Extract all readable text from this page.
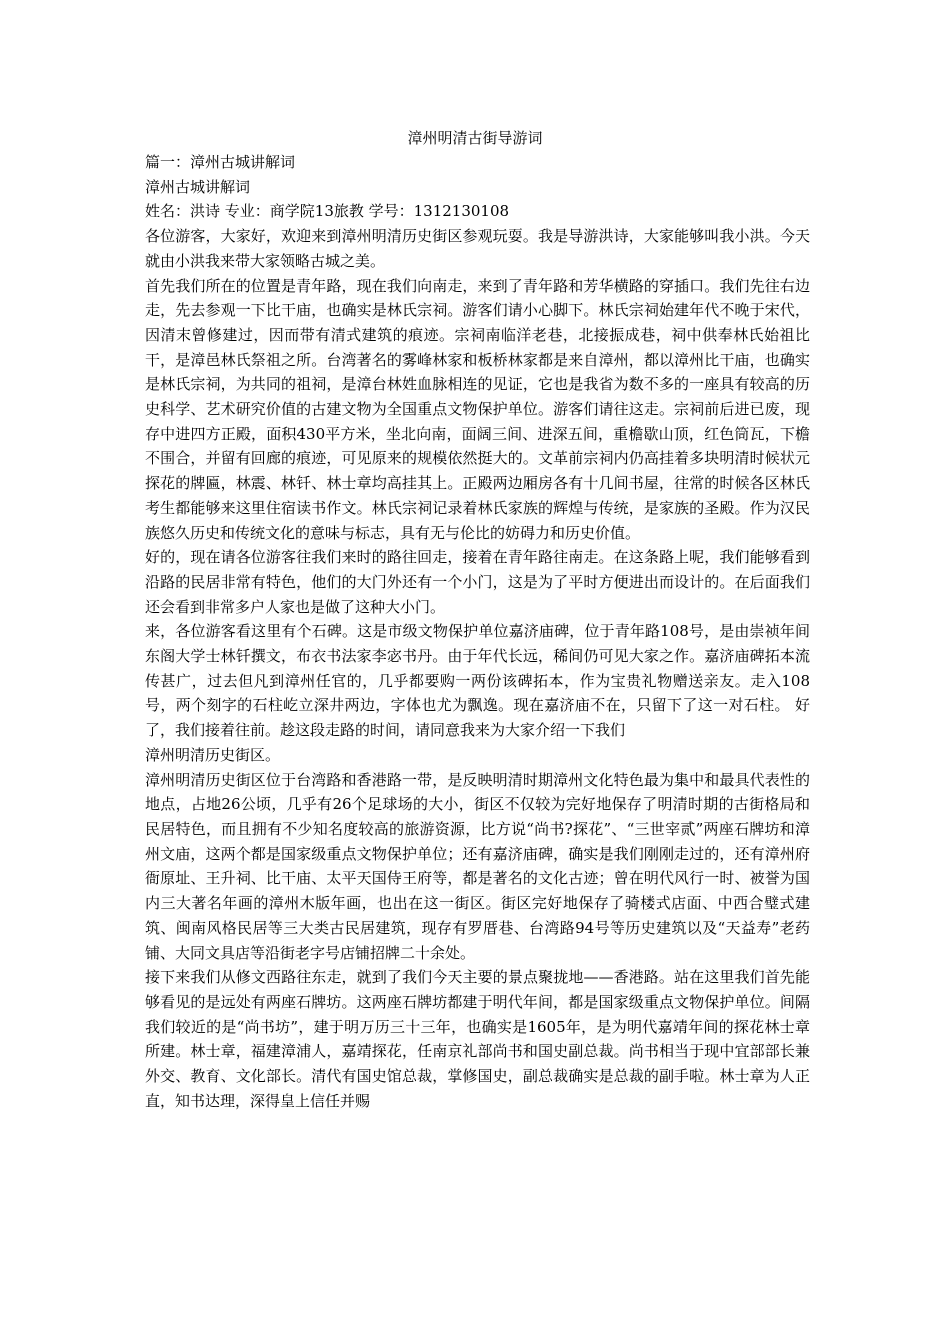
漳州明清古街导游词

篇一：漳州古城讲解词

漳州古城讲解词

姓名：洪诗 专业：商学院13旅教 学号：1312130108

各位游客，大家好，欢迎来到漳州明清历史街区参观玩耍。我是导游洪诗，大家能够叫我小洪。今天就由小洪我来带大家领略古城之美。

首先我们所在的位置是青年路，现在我们向南走，来到了青年路和芳华横路的穿插口。我们先往右边走，先去参观一下比干庙，也确实是林氏宗祠。游客们请小心脚下。林氏宗祠始建年代不晚于宋代，因清末曾修建过，因而带有清式建筑的痕迹。宗祠南临洋老巷，北接振成巷，祠中供奉林氏始祖比干，是漳邑林氏祭祖之所。台湾著名的雾峰林家和板桥林家都是来自漳州，都以漳州比干庙，也确实是林氏宗祠，为共同的祖祠，是漳台林姓血脉相连的见证，它也是我省为数不多的一座具有较高的历史科学、艺术研究价值的古建文物为全国重点文物保护单位。游客们请往这走。宗祠前后进已废，现存中进四方正殿，面积430平方米，坐北向南，面阔三间、进深五间，重檐歇山顶，红色筒瓦，下檐不围合，并留有回廊的痕迹，可见原来的规模依然挺大的。文革前宗祠内仍高挂着多块明清时候状元探花的牌匾，林震、林钎、林士章均高挂其上。正殿两边厢房各有十几间书屋，往常的时候各区林氏考生都能够来这里住宿读书作文。林氏宗祠记录着林氏家族的辉煌与传统，是家族的圣殿。作为汉民族悠久历史和传统文化的意味与标志，具有无与伦比的妨碍力和历史价值。

好的，现在请各位游客往我们来时的路往回走，接着在青年路往南走。在这条路上呢，我们能够看到沿路的民居非常有特色，他们的大门外还有一个小门，这是为了平时方便进出而设计的。在后面我们还会看到非常多户人家也是做了这种大小门。

来，各位游客看这里有个石碑。这是市级文物保护单位嘉济庙碑，位于青年路108号，是由崇祯年间东阁大学士林钎撰文，布衣书法家李宓书丹。由于年代长远，稀间仍可见大家之作。嘉济庙碑拓本流传甚广，过去但凡到漳州任官的，几乎都要购一两份该碑拓本，作为宝贵礼物赠送亲友。走入108号，两个刻字的石柱屹立深井两边，字体也尤为飘逸。现在嘉济庙不在，只留下了这一对石柱。 好了，我们接着往前。趁这段走路的时间，请同意我来为大家介绍一下我们

漳州明清历史街区。

漳州明清历史街区位于台湾路和香港路一带，是反映明清时期漳州文化特色最为集中和最具代表性的地点，占地26公顷，几乎有26个足球场的大小，街区不仅较为完好地保存了明清时期的古街格局和民居特色，而且拥有不少知名度较高的旅游资源，比方说“尚书?探花”、“三世宰贰”两座石牌坊和漳州文庙，这两个都是国家级重点文物保护单位；还有嘉济庙碑，确实是我们刚刚走过的，还有漳州府衙原址、王升祠、比干庙、太平天国侍王府等，都是著名的文化古迹；曾在明代风行一时、被誉为国内三大著名年画的漳州木版年画，也出在这一街区。街区完好地保存了骑楼式店面、中西合璧式建筑、闽南风格民居等三大类古民居建筑，现存有罗厝巷、台湾路94号等历史建筑以及“天益寿”老药铺、大同文具店等沿街老字号店铺招牌二十余处。

接下来我们从修文西路往东走，就到了我们今天主要的景点聚拢地——香港路。站在这里我们首先能够看见的是远处有两座石牌坊。这两座石牌坊都建于明代年间，都是国家级重点文物保护单位。间隔我们较近的是“尚书坊”，建于明万历三十三年，也确实是1605年，是为明代嘉靖年间的探花林士章所建。林士章，福建漳浦人，嘉靖探花，任南京礼部尚书和国史副总裁。尚书相当于现中宜部部长兼外交、教育、文化部长。清代有国史馆总裁，掌修国史，副总裁确实是总裁的副手啦。林士章为人正直，知书达理，深得皇上信任并赐
